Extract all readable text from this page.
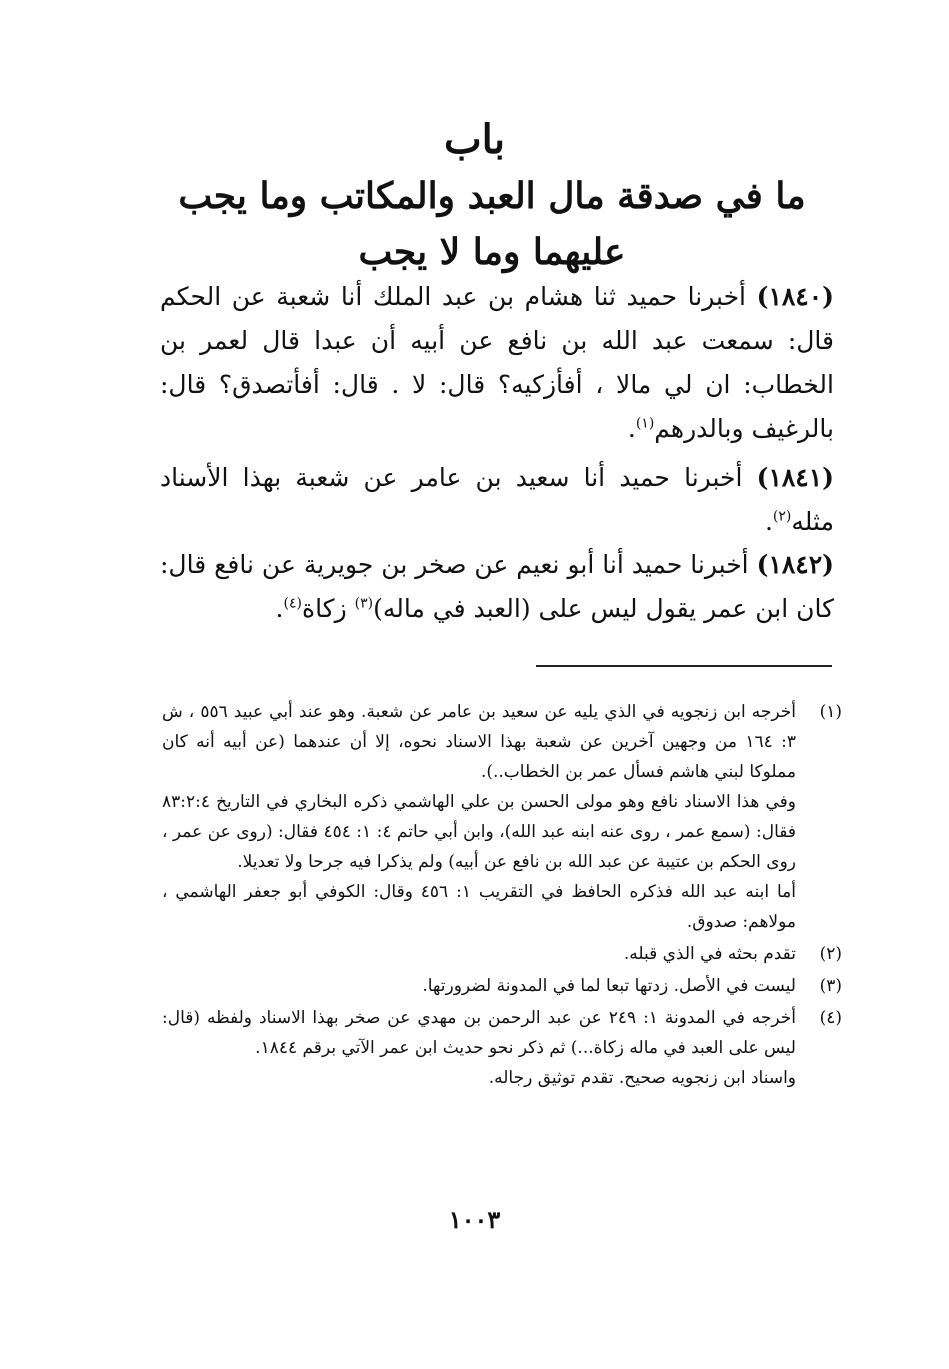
باب
ما في صدقة مال العبد والمكاتب وما يجب عليهما وما لا يجب
(١٨٤٠) أخبرنا حميد ثنا هشام بن عبد الملك أنا شعبة عن الحكم قال: سمعت عبد الله بن نافع عن أبيه أن عبدا قال لعمر بن الخطاب: ان لي مالا ، أفأزكيه؟ قال: لا . قال: أفأتصدق؟ قال: بالرغيف وبالدرهم$^{(١)}$.
(١٨٤١) أخبرنا حميد أنا سعيد بن عامر عن شعبة بهذا الأسناد مثله$^{(٢)}$.
(١٨٤٢) أخبرنا حميد أنا أبو نعيم عن صخر بن جويرية عن نافع قال: كان ابن عمر يقول ليس على (العبد في ماله)$^{(٣)}$ زكاة$^{(٤)}$.
(١)

أخرجه ابن زنجويه في الذي يليه عن سعيد بن عامر عن شعبة. وهو عند أبي عبيد ٥٥٦ ، ش ٣: ١٦٤ من وجهين آخرين عن شعبة بهذا الاسناد نحوه، إلا أن عندهما (عن أبيه أنه كان مملوكا لبني هاشم فسأل عمر بن الخطاب..).

وفي هذا الاسناد نافع وهو مولى الحسن بن علي الهاشمي ذكره البخاري في التاريخ ٨٣:٢:٤ فقال: (سمع عمر ، روى عنه ابنه عبد الله)، وابن أبي حاتم ٤: ١: ٤٥٤ فقال: (روى عن عمر ، روى الحكم بن عتيبة عن عبد الله بن نافع عن أبيه) ولم يذكرا فيه جرحا ولا تعديلا.

أما ابنه عبد الله فذكره الحافظ في التقريب ١: ٤٥٦ وقال: الكوفي أبو جعفر الهاشمي ، مولاهم: صدوق.

(٢)

تقدم بحثه في الذي قبله.

(٣)

ليست في الأصل. زدتها تبعا لما في المدونة لضرورتها.

(٤)

أخرجه في المدونة ١: ٢٤٩ عن عبد الرحمن بن مهدي عن صخر بهذا الاسناد ولفظه (قال: ليس على العبد في ماله زكاة...) ثم ذكر نحو حديث ابن عمر الآتي برقم ١٨٤٤.

واسناد ابن زنجويه صحيح. تقدم توثيق رجاله.

١٠٠٣
